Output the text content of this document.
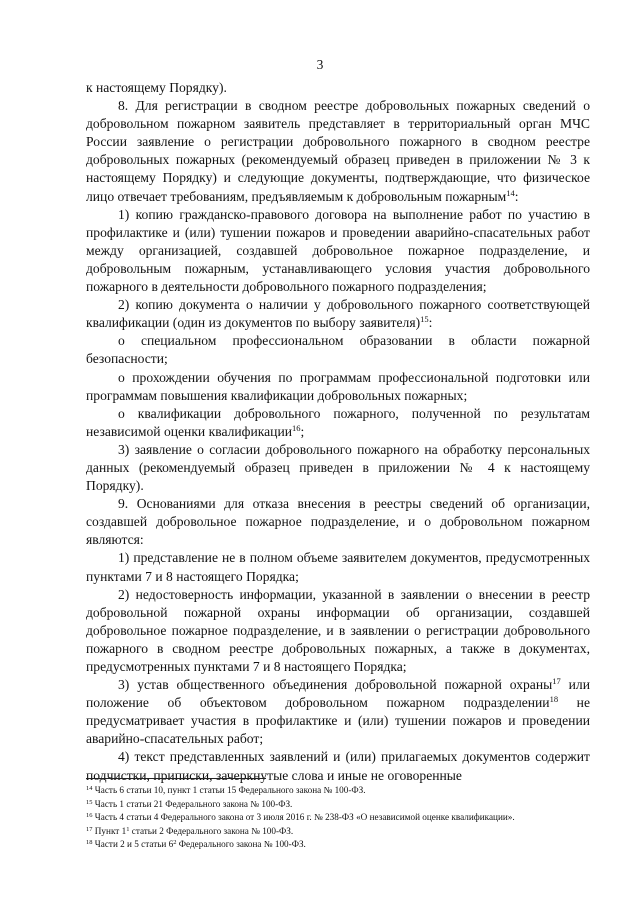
3

к настоящему Порядку).

8. Для регистрации в сводном реестре добровольных пожарных сведений о добровольном пожарном заявитель представляет в территориальный орган МЧС России заявление о регистрации добровольного пожарного в сводном реестре добровольных пожарных (рекомендуемый образец приведен в приложении № 3 к настоящему Порядку) и следующие документы, подтверждающие, что физическое лицо отвечает требованиям, предъявляемым к добровольным пожарным$^{14}$:

1) копию гражданско-правового договора на выполнение работ по участию в профилактике и (или) тушении пожаров и проведении аварийно-спасательных работ между организацией, создавшей добровольное пожарное подразделение, и добровольным пожарным, устанавливающего условия участия добровольного пожарного в деятельности добровольного пожарного подразделения;

2) копию документа о наличии у добровольного пожарного соответствующей квалификации (один из документов по выбору заявителя)$^{15}$:

о специальном профессиональном образовании в области пожарной безопасности;

о прохождении обучения по программам профессиональной подготовки или программам повышения квалификации добровольных пожарных;

о квалификации добровольного пожарного, полученной по результатам независимой оценки квалификации$^{16}$;

3) заявление о согласии добровольного пожарного на обработку персональных данных (рекомендуемый образец приведен в приложении № 4 к настоящему Порядку).

9. Основаниями для отказа внесения в реестры сведений об организации, создавшей добровольное пожарное подразделение, и о добровольном пожарном являются:

1) представление не в полном объеме заявителем документов, предусмотренных пунктами 7 и 8 настоящего Порядка;

2) недостоверность информации, указанной в заявлении о внесении в реестр добровольной пожарной охраны информации об организации, создавшей добровольное пожарное подразделение, и в заявлении о регистрации добровольного пожарного в сводном реестре добровольных пожарных, а также в документах, предусмотренных пунктами 7 и 8 настоящего Порядка;

3) устав общественного объединения добровольной пожарной охраны$^{17}$ или положение об объектовом добровольном пожарном подразделении$^{18}$ не предусматривает участия в профилактике и (или) тушении пожаров и проведении аварийно-спасательных работ;

4) текст представленных заявлений и (или) прилагаемых документов содержит подчистки, приписки, зачеркнутые слова и иные не оговоренные

$^{14}$ Часть 6 статьи 10, пункт 1 статьи 15 Федерального закона № 100-ФЗ.

$^{15}$ Часть 1 статьи 21 Федерального закона № 100-ФЗ.

$^{16}$ Часть 4 статьи 4 Федерального закона от 3 июля 2016 г. № 238-ФЗ «О независимой оценке квалификации».

$^{17}$ Пункт $1^1$ статьи 2 Федерального закона № 100-ФЗ.

$^{18}$ Части 2 и 5 статьи $6^2$ Федерального закона № 100-ФЗ.
